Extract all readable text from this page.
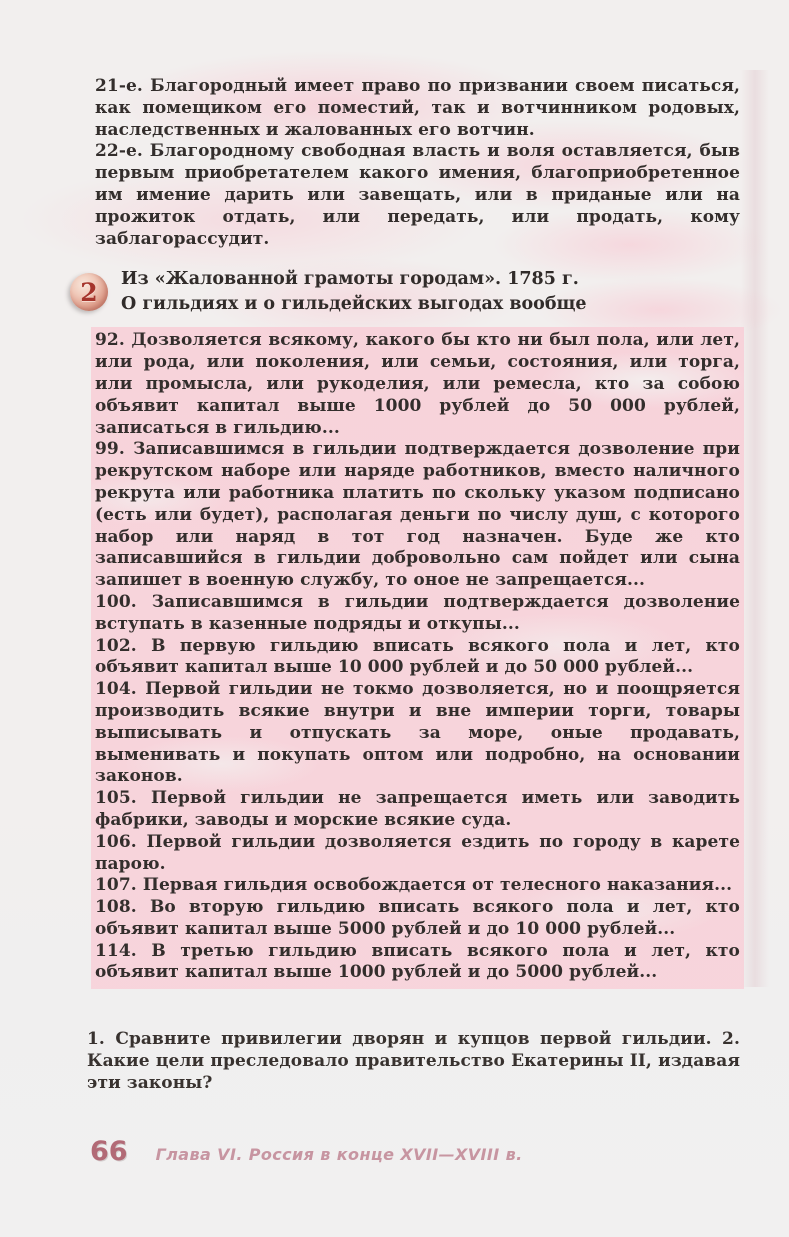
21-е. Благородный имеет право по призвании своем писаться, как помещиком его поместий, так и вотчинником родовых, наследственных и жалованных его вотчин.

22-е. Благородному свободная власть и воля оставляется, быв первым приобретателем какого имения, благоприобретенное им имение дарить или завещать, или в приданые или на прожиток отдать, или передать, или продать, кому заблагорассудит.

2 Из «Жалованной грамоты городам». 1785 г.
О гильдиях и о гильдейских выгодах вообще

92. Дозволяется всякому, какого бы кто ни был пола, или лет, или рода, или поколения, или семьи, состояния, или торга, или промысла, или рукоделия, или ремесла, кто за собою объявит капитал выше 1000 рублей до 50 000 рублей, записаться в гильдию...

99. Записавшимся в гильдии подтверждается дозволение при рекрутском наборе или наряде работников, вместо наличного рекрута или работника платить по скольку указом подписано (есть или будет), располагая деньги по числу душ, с которого набор или наряд в тот год назначен. Буде же кто записавшийся в гильдии добровольно сам пойдет или сына запишет в военную службу, то оное не запрещается...

100. Записавшимся в гильдии подтверждается дозволение вступать в казенные подряды и откупы...

102. В первую гильдию вписать всякого пола и лет, кто объявит капитал выше 10 000 рублей и до 50 000 рублей...

104. Первой гильдии не токмо дозволяется, но и поощряется производить всякие внутри и вне империи торги, товары выписывать и отпускать за море, оные продавать, выменивать и покупать оптом или подробно, на основании законов.

105. Первой гильдии не запрещается иметь или заводить фабрики, заводы и морские всякие суда.

106. Первой гильдии дозволяется ездить по городу в карете парою.

107. Первая гильдия освобождается от телесного наказания...

108. Во вторую гильдию вписать всякого пола и лет, кто объявит капитал выше 5000 рублей и до 10 000 рублей...

114. В третью гильдию вписать всякого пола и лет, кто объявит капитал выше 1000 рублей и до 5000 рублей...

1. Сравните привилегии дворян и купцов первой гильдии. 2. Какие цели преследовало правительство Екатерины II, издавая эти законы?

66 Глава VI. Россия в конце XVII—XVIII в.
